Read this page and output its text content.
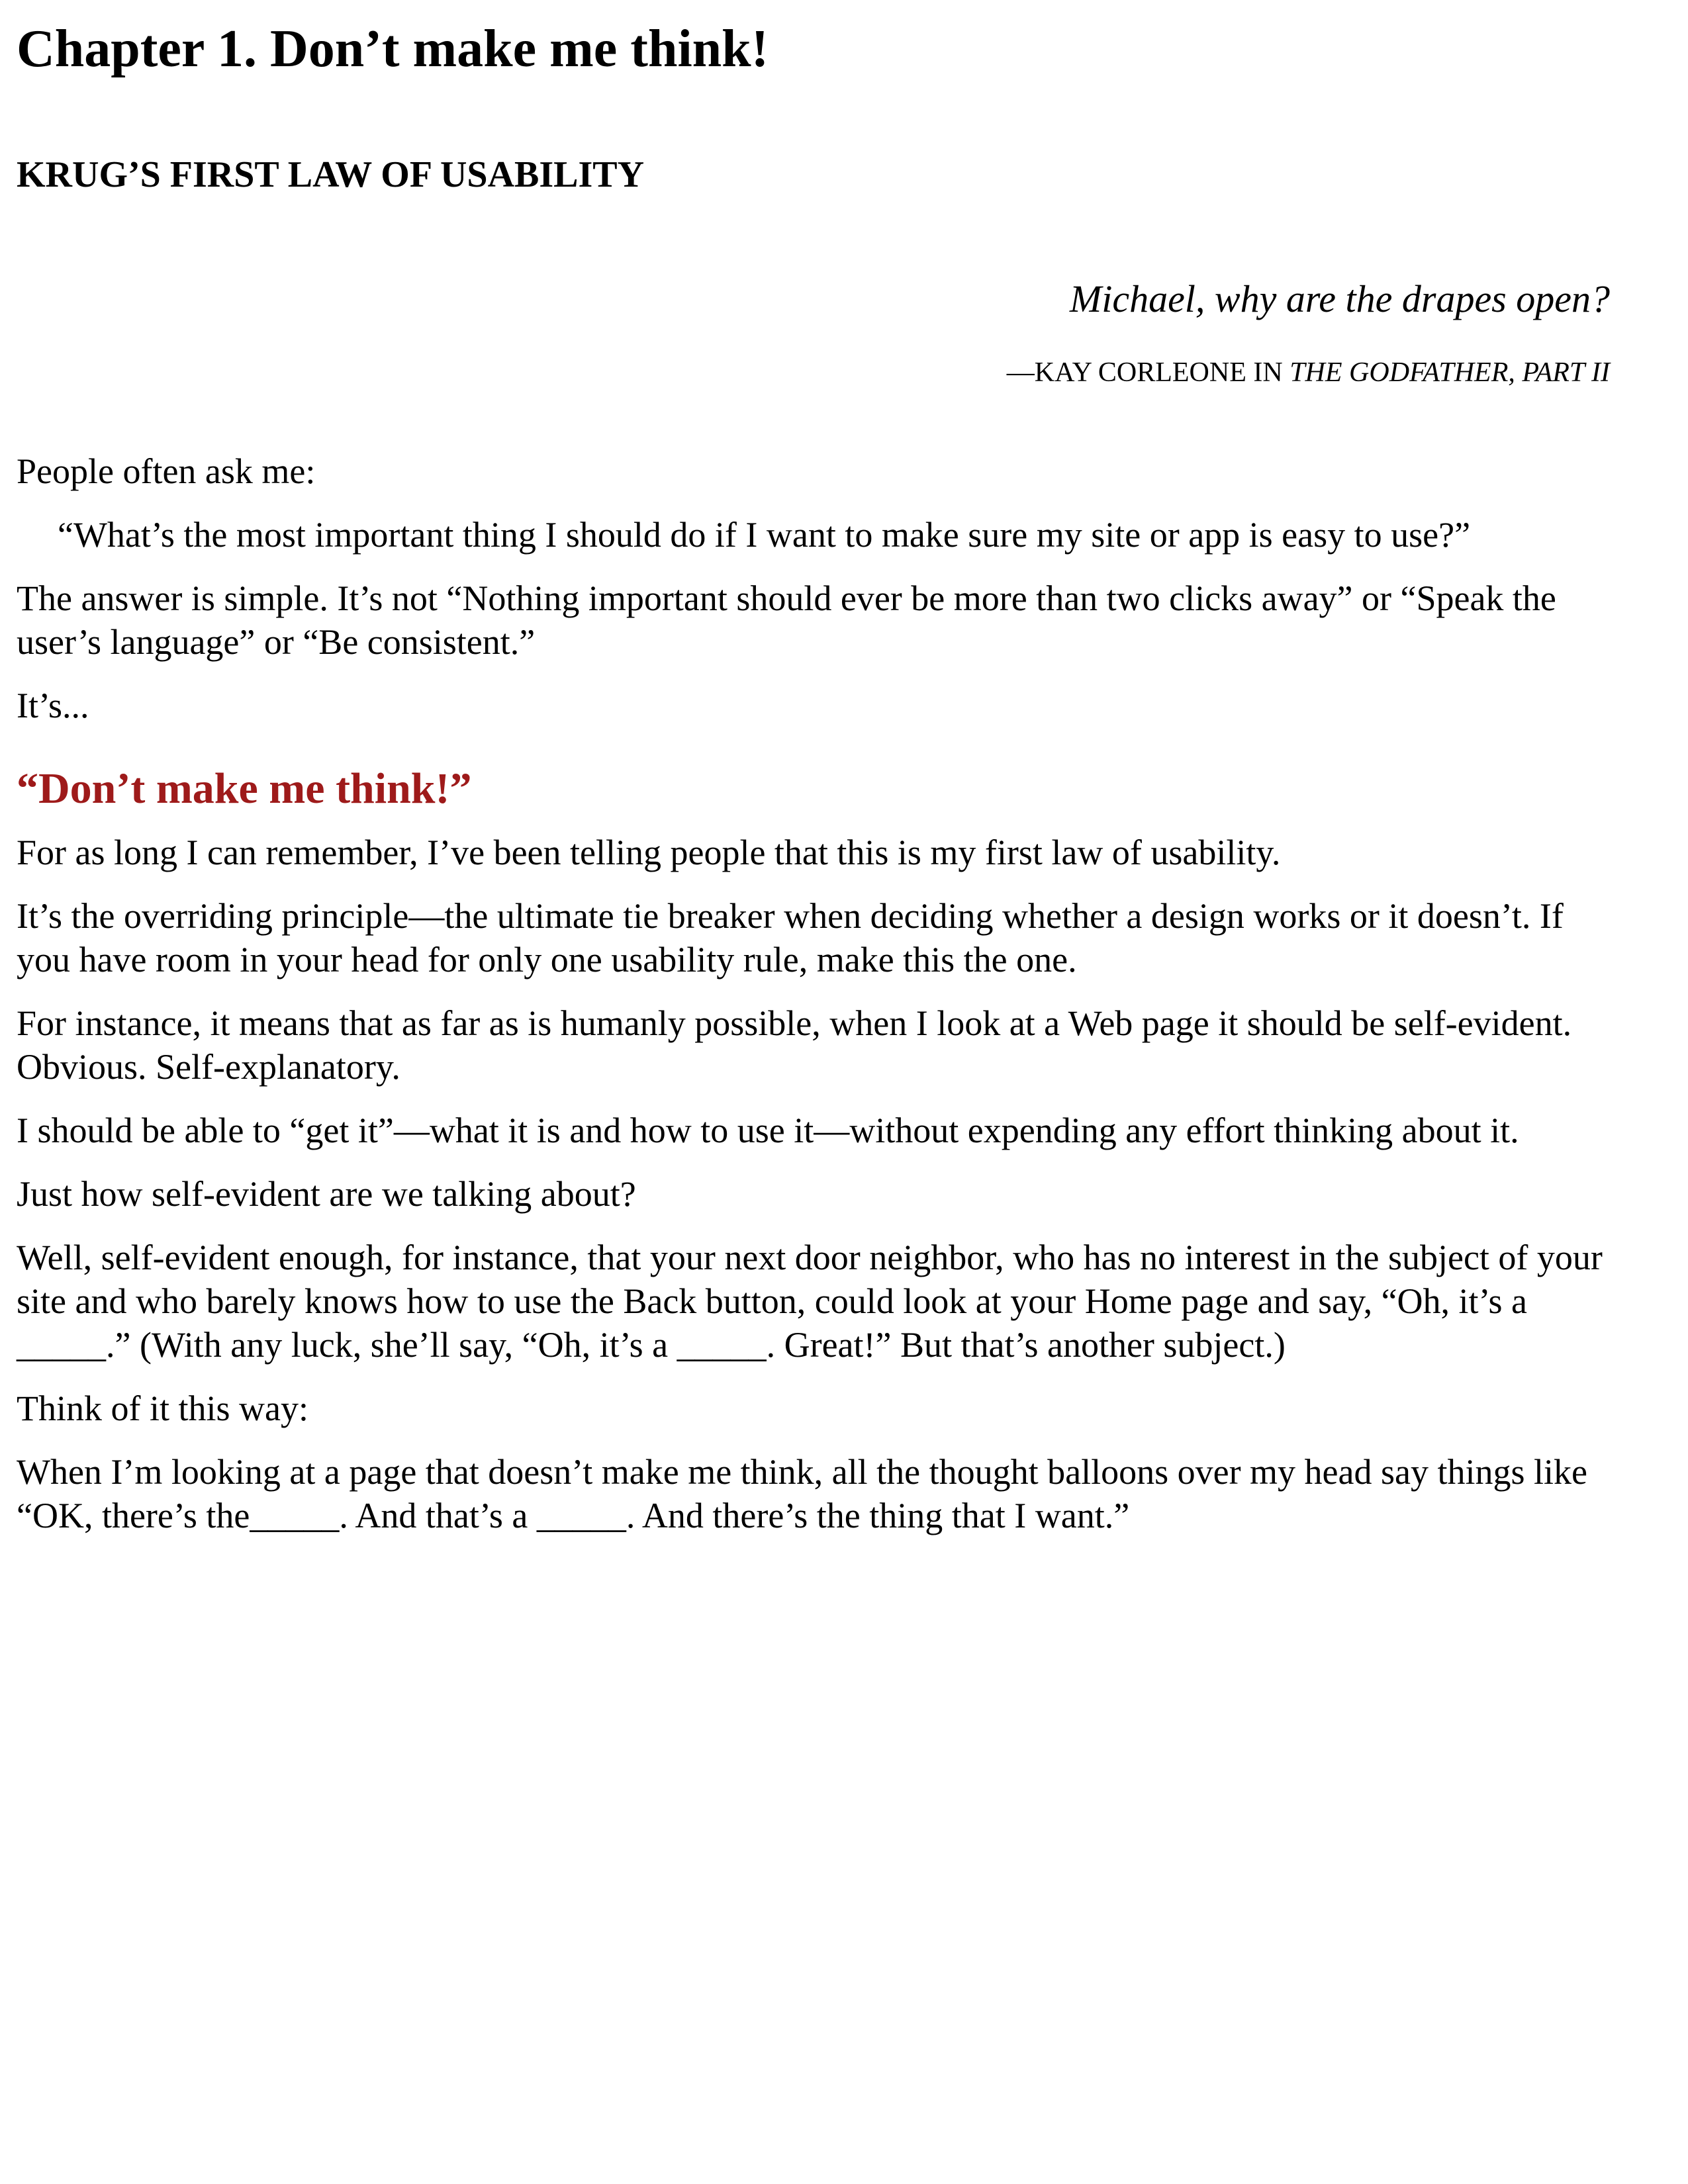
Chapter 1. Don’t make me think!
KRUG’S FIRST LAW OF USABILITY
Michael, why are the drapes open?
—KAY CORLEONE IN THE GODFATHER, PART II

People often ask me:

“What’s the most important thing I should do if I want to make sure my site or app is easy to use?”

The answer is simple. It’s not “Nothing important should ever be more than two clicks away” or “Speak the user’s language” or “Be consistent.”

It’s...

“Don’t make me think!”

For as long I can remember, I’ve been telling people that this is my first law of usability.

It’s the overriding principle—the ultimate tie breaker when deciding whether a design works or it doesn’t. If you have room in your head for only one usability rule, make this the one.

For instance, it means that as far as is humanly possible, when I look at a Web page it should be self-evident. Obvious. Self-explanatory.

I should be able to “get it”—what it is and how to use it—without expending any effort thinking about it.

Just how self-evident are we talking about?

Well, self-evident enough, for instance, that your next door neighbor, who has no interest in the subject of your site and who barely knows how to use the Back button, could look at your Home page and say, “Oh, it’s a _____.” (With any luck, she’ll say, “Oh, it’s a _____. Great!” But that’s another subject.)

Think of it this way:

When I’m looking at a page that doesn’t make me think, all the thought balloons over my head say things like “OK, there’s the_____. And that’s a _____. And there’s the thing that I want.”
